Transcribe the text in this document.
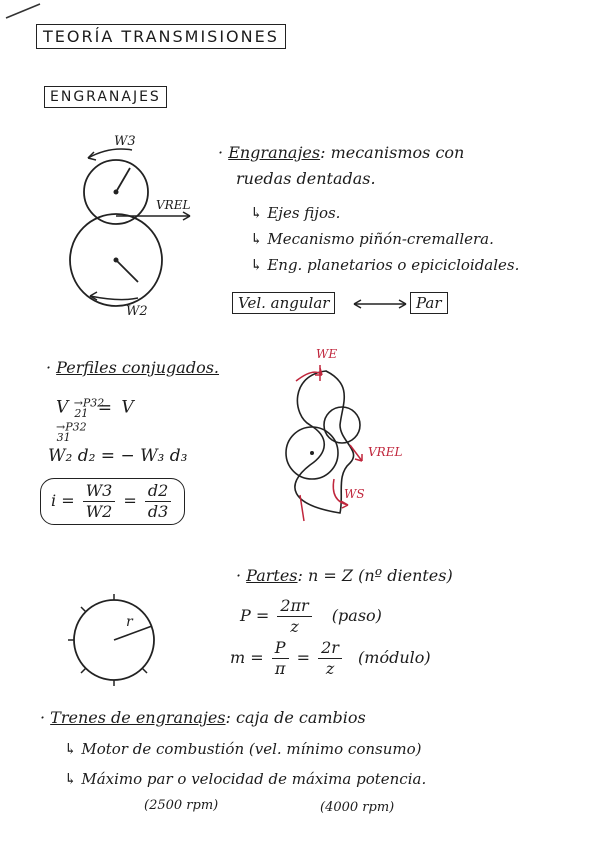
TEORÍA TRANSMISIONES
ENGRANAJES
W3
VREL
W2
· Engranajes: mecanismos con
ruedas dentadas.
↳ Ejes fijos.
↳ Mecanismo piñón-cremallera.
↳ Eng. planetarios o epicicloidales.
Vel. angular	Par
· Perfiles conjugados.
V $^{\to P32}_{21}$ = V $^{\to P32}_{31}$
W₂ d₂ = − W₃ d₃
$i = \frac{W3}{W2} = \frac{d2}{d3}$
WE
VREL
WS
r
· Partes: n = Z (nº dientes)
$P = \frac{2\pi r}{z}$ (paso)
$m = \frac{P}{\pi} = \frac{2r}{z}$ (módulo)
· Trenes de engranajes: caja de cambios
↳ Motor de combustión (vel. mínimo consumo)
↳ Máximo par o velocidad de máxima potencia.
(2500 rpm)	(4000 rpm)
